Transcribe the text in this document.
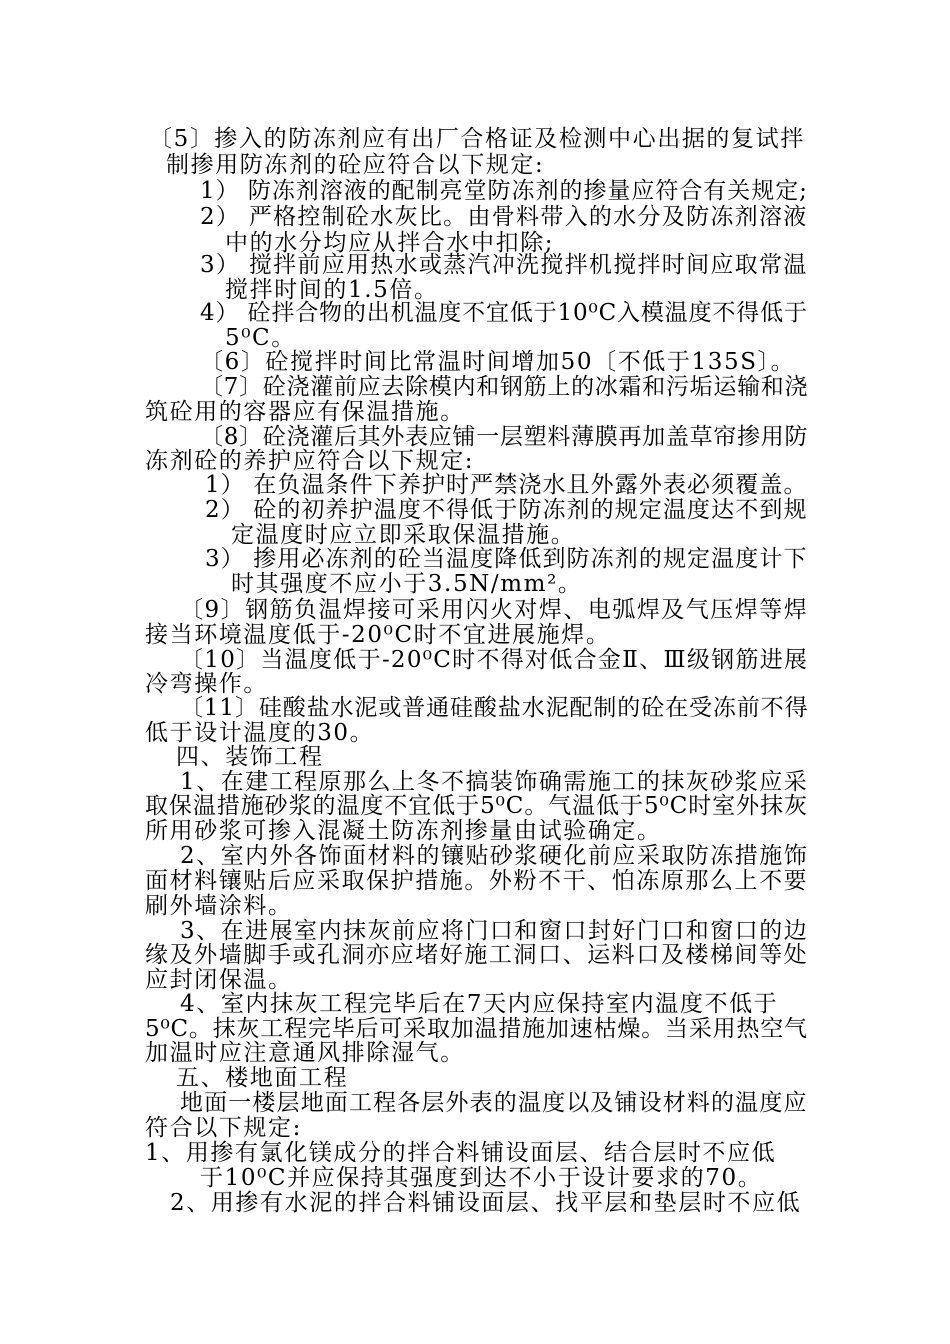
〔5〕掺入的防冻剂应有出厂合格证及检测中心出据的复试拌
制掺用防冻剂的砼应符合以下规定:
1） 防冻剂溶液的配制亮堂防冻剂的掺量应符合有关规定;
2） 严格控制砼水灰比。由骨料带入的水分及防冻剂溶液
中的水分均应从拌合水中扣除;
3） 搅拌前应用热水或蒸汽冲洗搅拌机搅拌时间应取常温
搅拌时间的1.5倍。
4） 砼拌合物的出机温度不宜低于10⁰C入模温度不得低于
5⁰C。
〔6〕砼搅拌时间比常温时间增加50〔不低于135S〕。
〔7〕砼浇灌前应去除模内和钢筋上的冰霜和污垢运输和浇
筑砼用的容器应有保温措施。
〔8〕砼浇灌后其外表应铺一层塑料薄膜再加盖草帘掺用防
冻剂砼的养护应符合以下规定:
1） 在负温条件下养护时严禁浇水且外露外表必须覆盖。
2） 砼的初养护温度不得低于防冻剂的规定温度达不到规
定温度时应立即采取保温措施。
3） 掺用必冻剂的砼当温度降低到防冻剂的规定温度计下
时其强度不应小于3.5N/mm²。
〔9〕钢筋负温焊接可采用闪火对焊、电弧焊及气压焊等焊
接当环境温度低于-20⁰C时不宜进展施焊。
〔10〕当温度低于-20⁰C时不得对低合金Ⅱ、Ⅲ级钢筋进展
冷弯操作。
〔11〕硅酸盐水泥或普通硅酸盐水泥配制的砼在受冻前不得
低于设计温度的30。
四、装饰工程
1、在建工程原那么上冬不搞装饰确需施工的抹灰砂浆应采
取保温措施砂浆的温度不宜低于5⁰C。气温低于5⁰C时室外抹灰
所用砂浆可掺入混凝土防冻剂掺量由试验确定。
2、室内外各饰面材料的镶贴砂浆硬化前应采取防冻措施饰
面材料镶贴后应采取保护措施。外粉不干、怕冻原那么上不要
刷外墙涂料。
3、在进展室内抹灰前应将门口和窗口封好门口和窗口的边
缘及外墙脚手或孔洞亦应堵好施工洞口、运料口及楼梯间等处
应封闭保温。
4、室内抹灰工程完毕后在7天内应保持室内温度不低于
5⁰C。抹灰工程完毕后可采取加温措施加速枯燥。当采用热空气
加温时应注意通风排除湿气。
五、楼地面工程
地面一楼层地面工程各层外表的温度以及铺设材料的温度应
符合以下规定:
1、用掺有氯化镁成分的拌合料铺设面层、结合层时不应低
于10⁰C并应保持其强度到达不小于设计要求的70。
2、用掺有水泥的拌合料铺设面层、找平层和垫层时不应低
